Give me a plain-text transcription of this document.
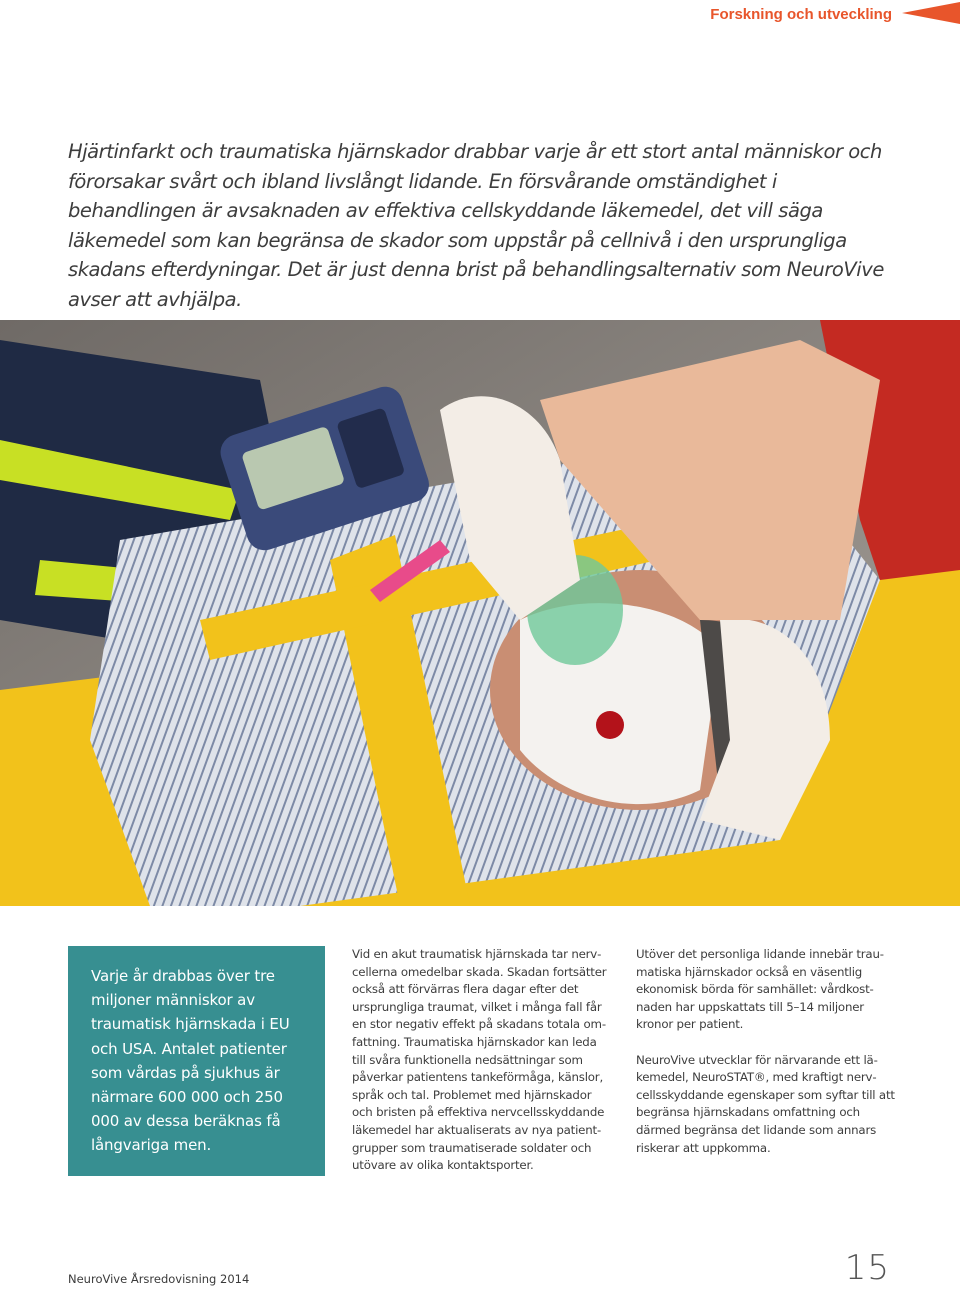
Forskning och utveckling

Hjärtinfarkt och traumatiska hjärnskador drabbar varje år ett stort antal människor och förorsakar svårt och ibland livslångt lidande. En försvårande omständighet i behandlingen är avsaknaden av effektiva cellskyddande läkemedel, det vill säga läkemedel som kan begränsa de skador som uppstår på cellnivå i den ursprungliga skadans efterdyningar. Det är just denna brist på behandlingsalternativ som NeuroVive avser att avhjälpa.

Varje år drabbas över tre miljoner människor av traumatisk hjärnskada i EU och USA. Antalet patienter som vårdas på sjukhus är närmare 600 000 och 250 000 av dessa beräknas få långvariga men.

Vid en akut traumatisk hjärnskada tar nervcellerna omedelbar skada. Skadan fortsätter också att förvärras flera dagar efter det ursprungliga traumat, vilket i många fall får en stor negativ effekt på skadans totala omfattning. Traumatiska hjärnskador kan leda till svåra funktionella nedsättningar som påverkar patientens tankeförmåga, känslor, språk och tal. Problemet med hjärnskador och bristen på effektiva nervcellsskyddande läkemedel har aktualiserats av nya patientgrupper som traumatiserade soldater och utövare av olika kontaktsporter.

Utöver det personliga lidande innebär traumatiska hjärnskador också en väsentlig ekonomisk börda för samhället: vårdkostnaden har uppskattats till 5–14 miljoner kronor per patient.

NeuroVive utvecklar för närvarande ett läkemedel, NeuroSTAT®, med kraftigt nervcellsskyddande egenskaper som syftar till att begränsa hjärnskadans omfattning och därmed begränsa det lidande som annars riskerar att uppkomma.

NeuroVive Årsredovisning 2014	15
